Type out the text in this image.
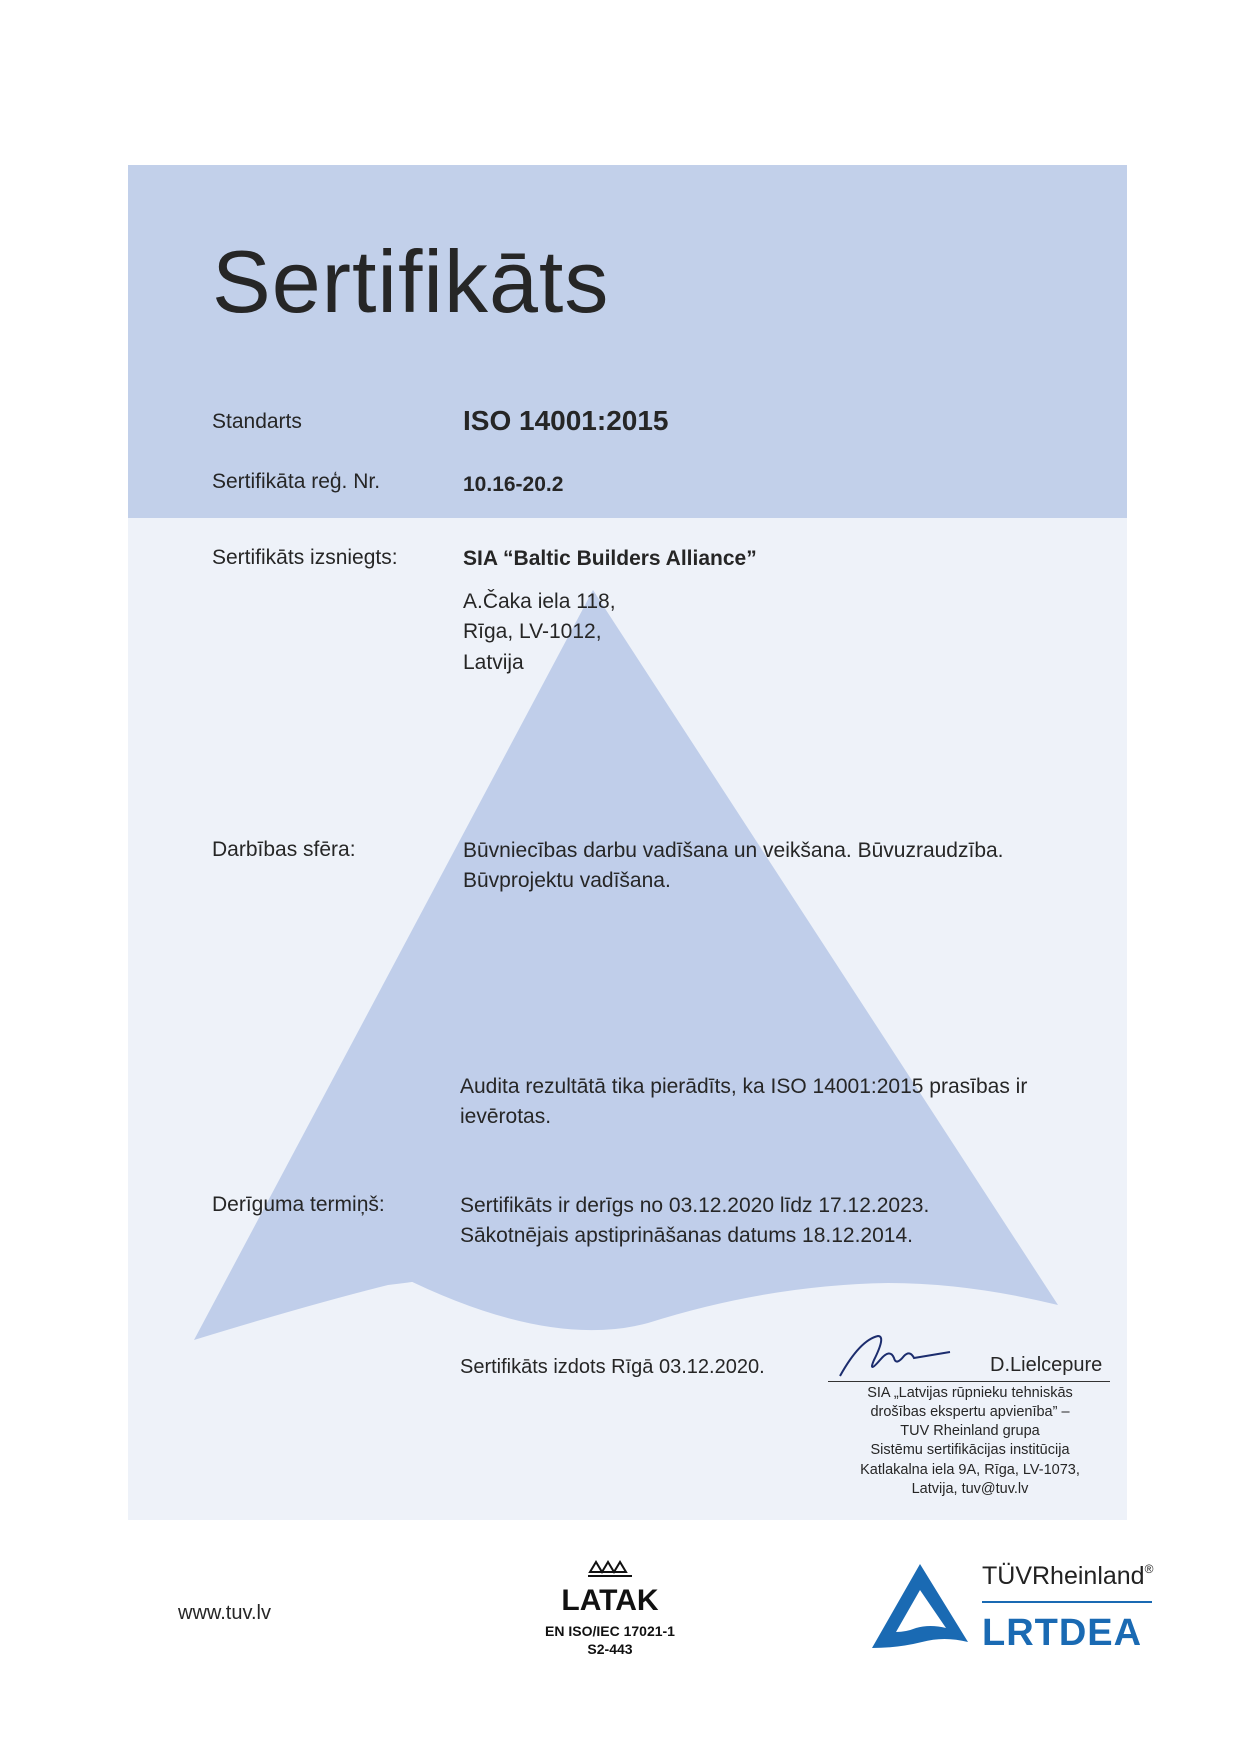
Sertifikāts
Standarts	ISO 14001:2015
Sertifikāta reģ. Nr.	10.16-20.2
Sertifikāts izsniegts:	SIA “Baltic Builders Alliance”
A.Čaka iela 118,
Rīga, LV-1012,
Latvija
Darbības sfēra:	Būvniecības darbu vadīšana un veikšana. Būvuzraudzība.
Būvprojektu vadīšana.
Audita rezultātā tika pierādīts, ka ISO 14001:2015 prasības ir
ievērotas.
Derīguma termiņš:	Sertifikāts ir derīgs no 03.12.2020 līdz 17.12.2023.
Sākotnējais apstiprināšanas datums 18.12.2014.
Sertifikāts izdots Rīgā 03.12.2020.	D.Lielcepure
SIA „Latvijas rūpnieku tehniskās
drošības ekspertu apvienība” –
TUV Rheinland grupa
Sistēmu sertifikācijas institūcija
Katlakalna iela 9A, Rīga, LV-1073,
Latvija, tuv@tuv.lv
www.tuv.lv	LATAK
EN ISO/IEC 17021-1
S2-443
TÜVRheinland®
LRTDEA
